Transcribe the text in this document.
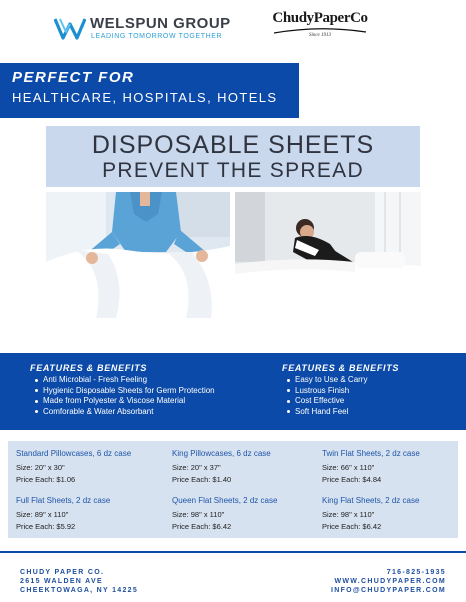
WELSPUN GROUP
LEADING TOMORROW TOGETHER
ChudyPaperCo
Since 1913
PERFECT FOR
HEALTHCARE, HOSPITALS, HOTELS
DISPOSABLE SHEETS
PREVENT THE SPREAD
FEATURES & BENEFITS
Anti Microbial - Fresh Feeling
Hygienic Disposable Sheets for Germ Protection
Made from Polyester & Viscose Material
Comforable & Water Absorbant
FEATURES & BENEFITS
Easy to Use & Carry
Lustrous Finish
Cost Effective
Soft Hand Feel
Standard Pillowcases, 6 dz case
Size: 20" x 30"
Price Each: $1.06
King Pillowcases, 6 dz case
Size: 20" x 37"
Price Each: $1.40
Twin Flat Sheets, 2 dz case
Size: 66" x 110"
Price Each: $4.84
Full Flat Sheets, 2 dz case
Size: 89" x 110"
Price Each: $5.92
Queen Flat Sheets, 2 dz case
Size: 98" x 110"
Price Each: $6.42
King Flat Sheets, 2 dz case
Size: 98" x 110"
Price Each: $6.42
CHUDY PAPER CO.
2615 WALDEN AVE
CHEEKTOWAGA, NY 14225
716-825-1935
WWW.CHUDYPAPER.COM
INFO@CHUDYPAPER.COM
